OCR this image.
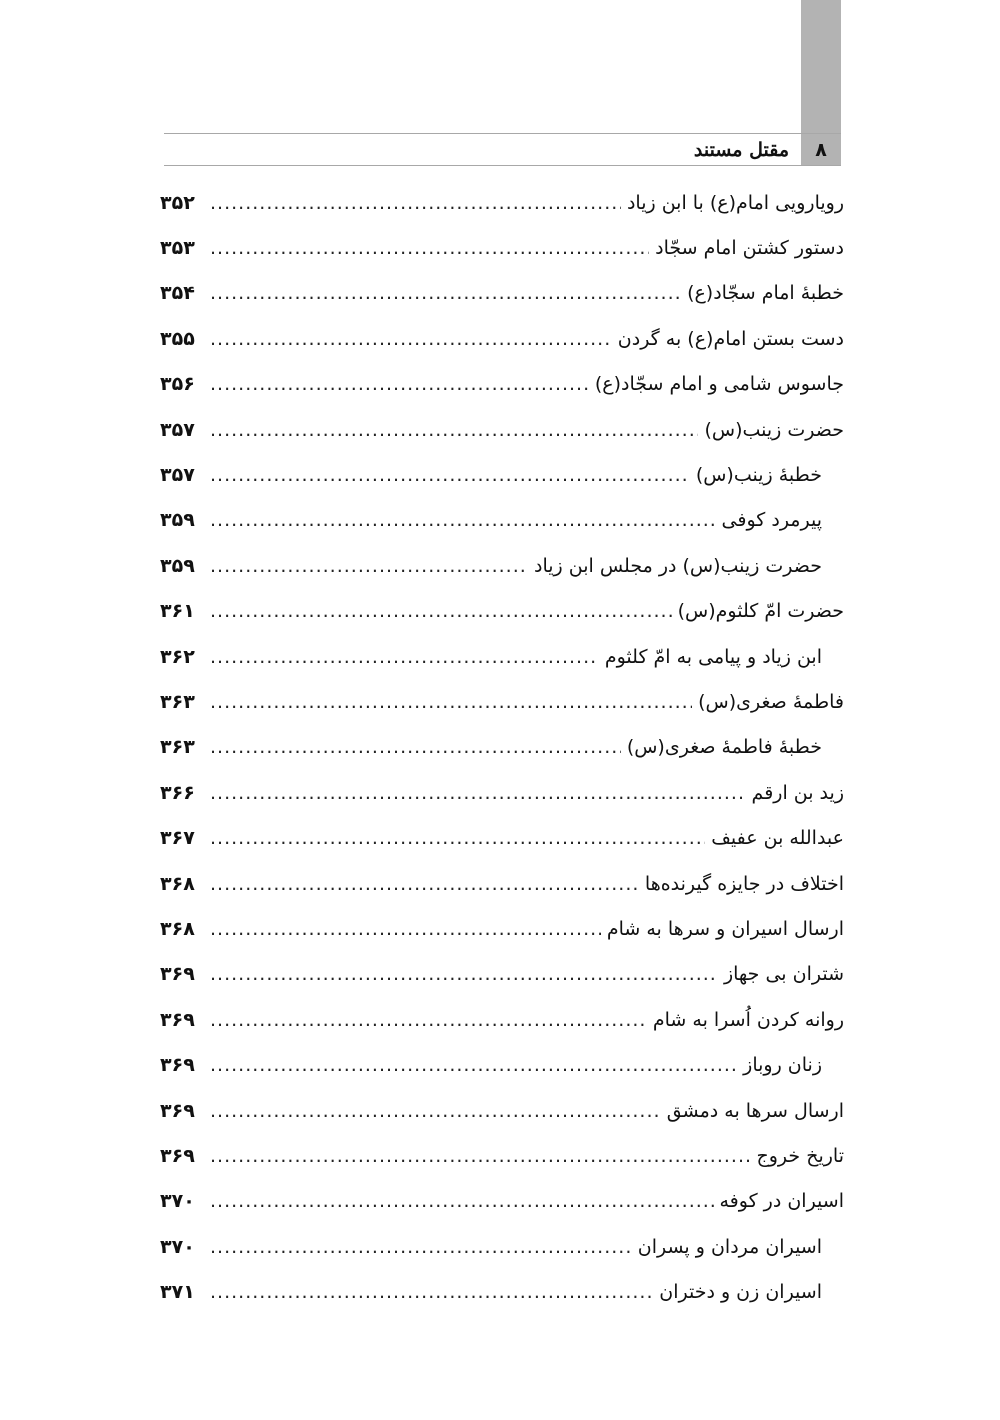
۸
مقتل مستند
رویارویی امام(ع) با ابن زیاد
.....
۳۵۲
دستور کشتن امام سجّاد
.....
۳۵۳
خطبهٔ امام سجّاد(ع)
.....
۳۵۴
دست بستن امام(ع) به گردن
.....
۳۵۵
جاسوس شامی و امام سجّاد(ع)
.....
۳۵۶
حضرت زینب(س)
.....
۳۵۷
خطبهٔ زینب(س)
.....
۳۵۷
پیرمرد کوفی
.....
۳۵۹
حضرت زینب(س) در مجلس ابن زیاد
.....
۳۵۹
حضرت امّ کلثوم(س)
.....
۳۶۱
ابن زیاد و پیامی به امّ کلثوم
.....
۳۶۲
فاطمهٔ صغری(س)
.....
۳۶۳
خطبهٔ فاطمهٔ صغری(س)
.....
۳۶۳
زید بن ارقم
.....
۳۶۶
عبدالله بن عفیف
.....
۳۶۷
اختلاف در جایزه گیرنده‌ها
.....
۳۶۸
ارسال اسیران و سرها به شام
.....
۳۶۸
شتران بی جهاز
.....
۳۶۹
روانه کردن اُسرا به شام
.....
۳۶۹
زنان روباز
.....
۳۶۹
ارسال سرها به دمشق
.....
۳۶۹
تاریخ خروج
.....
۳۶۹
اسیران در کوفه
.....
۳۷۰
اسیران مردان و پسران
.....
۳۷۰
اسیران زن و دختران
.....
۳۷۱
